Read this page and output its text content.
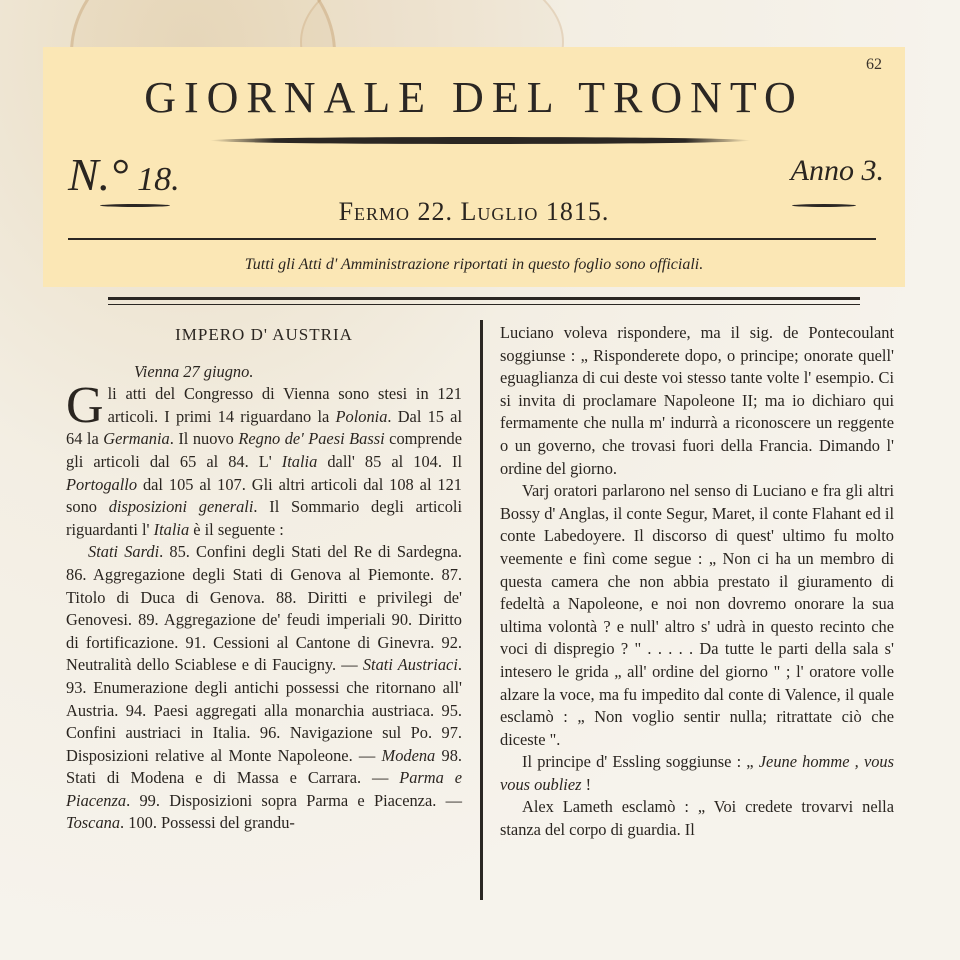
62
GIORNALE DEL TRONTO
N.° 18.	Anno 3.
Fermo 22. Luglio 1815.
Tutti gli Atti d' Amministrazione riportati in questo foglio sono officiali.

IMPERO D' AUSTRIA

Vienna 27 giugno.

Gli atti del Congresso di Vienna sono stesi in 121 articoli. I primi 14 riguardano la Polonia. Dal 15 al 64 la Germania. Il nuovo Regno de' Paesi Bassi comprende gli articoli dal 65 al 84. L' Italia dall' 85 al 104. Il Portogallo dal 105 al 107. Gli altri articoli dal 108 al 121 sono disposizioni generali. Il Sommario degli articoli riguardanti l' Italia è il seguente :

Stati Sardi. 85. Confini degli Stati del Re di Sardegna. 86. Aggregazione degli Stati di Genova al Piemonte. 87. Titolo di Duca di Genova. 88. Diritti e privilegi de' Genovesi. 89. Aggregazione de' feudi imperiali 90. Diritto di fortificazione. 91. Cessioni al Cantone di Ginevra. 92. Neutralità dello Sciablese e di Faucigny. — Stati Austriaci. 93. Enumerazione degli antichi possessi che ritornano all' Austria. 94. Paesi aggregati alla monarchia austriaca. 95. Confini austriaci in Italia. 96. Navigazione sul Po. 97. Disposizioni relative al Monte Napoleone. — Modena 98. Stati di Modena e di Massa e Carrara. — Parma e Piacenza. 99. Disposizioni sopra Parma e Piacenza. — Toscana. 100. Possessi del grandu-

Luciano voleva rispondere, ma il sig. de Pontecoulant soggiunse : „ Risponderete dopo, o principe; onorate quell' eguaglianza di cui deste voi stesso tante volte l' esempio. Ci si invita di proclamare Napoleone II; ma io dichiaro qui fermamente che nulla m' indurrà a riconoscere un reggente o un governo, che trovasi fuori della Francia. Dimando l' ordine del giorno.

Varj oratori parlarono nel senso di Luciano e fra gli altri Bossy d' Anglas, il conte Segur, Maret, il conte Flahant ed il conte Labedoyere. Il discorso di quest' ultimo fu molto veemente e finì come segue : „ Non ci ha un membro di questa camera che non abbia prestato il giuramento di fedeltà a Napoleone, e noi non dovremo onorare la sua ultima volontà ? e null' altro s' udrà in questo recinto che voci di dispregio ? " . . . . . Da tutte le parti della sala s' intesero le grida „ all' ordine del giorno " ; l' oratore volle alzare la voce, ma fu impedito dal conte di Valence, il quale esclamò : „ Non voglio sentir nulla; ritrattate ciò che diceste ".

Il principe d' Essling soggiunse : „ Jeune homme , vous vous oubliez !

Alex Lameth esclamò : „ Voi credete trovarvi nella stanza del corpo di guardia. Il
